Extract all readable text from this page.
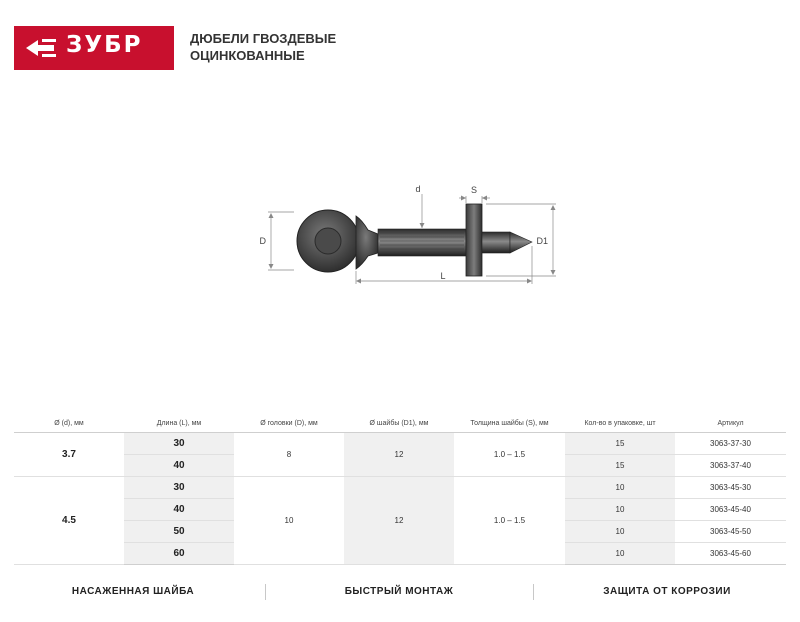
ЗУБР	ДЮБЕЛИ ГВОЗДЕВЫЕ
ОЦИНКОВАННЫЕ
D
d	S
D1
L
Ø (d), мм	Длина (L), мм	Ø головки (D), мм	Ø шайбы (D1), мм	Толщина шайбы (S), мм	Кол-во в упаковке, шт	Артикул
3.7	30	8	12	1.0 – 1.5	15	3063-37-30
	40				15	3063-37-40
4.5	30	10	12	1.0 – 1.5	10	3063-45-30
	40				10	3063-45-40
	50				10	3063-45-50
	60				10	3063-45-60
НАСАЖЕННАЯ ШАЙБА	БЫСТРЫЙ МОНТАЖ	ЗАЩИТА ОТ КОРРОЗИИ
